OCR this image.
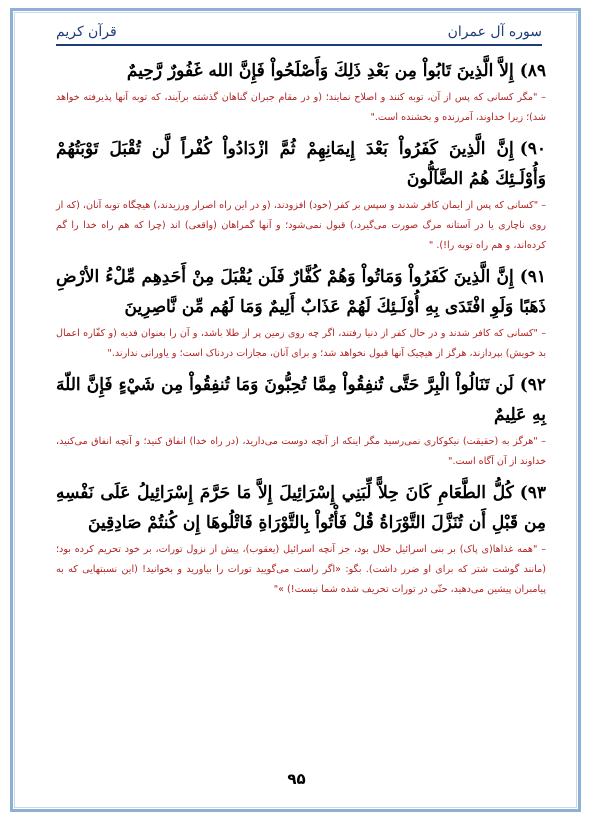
سوره آل عمران
قرآن کریم

۸۹)إِلاَّ الَّذِينَ تَابُواْ مِن بَعْدِ ذَلِكَ وَأَصْلَحُواْ فَإِنَّ الله غَفُورٌ رَّحِيمٌ

– "مگر کسانی که پس از آن، توبه کنند و اصلاح نمایند؛ (و در مقام جبران گناهان گذشته برآیند، که توبه آنها پذیرفته خواهد شد)؛ زیرا خداوند، آمرزنده و بخشنده است."

۹۰)إِنَّ الَّذِينَ كَفَرُواْ بَعْدَ إِيمَانِهِمْ ثُمَّ ازْدَادُواْ كُفْراً لَّن تُقْبَلَ تَوْبَتُهُمْ وَأُوْلَـئِكَ هُمُ الضَّآلُّونَ

– "کسانی که پس از ایمان کافر شدند و سپس بر کفر (خود) افزودند، (و در این راه اصرار ورزیدند،) هیچگاه توبه آنان، (که از روی ناچاری یا در آستانه مرگ صورت می‌گیرد،) قبول نمی‌شود؛ و آنها گمراهان (واقعی) اند (چرا که هم راه خدا را گم کرده‌اند، و هم راه توبه را!). "

۹۱)إِنَّ الَّذِينَ كَفَرُواْ وَمَاتُواْ وَهُمْ كُفَّارٌ فَلَن يُقْبَلَ مِنْ أَحَدِهِم مِّلْءُ الأرْضِ ذَهَبًا وَلَوِ افْتَدَى بِهِ أُوْلَـئِكَ لَهُمْ عَذَابٌ أَلِيمٌ وَمَا لَهُم مِّن نَّاصِرِينَ

– "کسانی که کافر شدند و در حال کفر از دنیا رفتند، اگر چه روی زمین پر از طلا باشد، و آن را بعنوان فدیه (و کفّاره اعمال بد خویش) بپردازند، هرگز از هیچیک آنها قبول نخواهد شد؛ و برای آنان، مجازات دردناک است؛ و یاورانی ندارند."

۹۲)لَن تَنَالُواْ الْبِرَّ حَتَّى تُنفِقُواْ مِمَّا تُحِبُّونَ وَمَا تُنفِقُواْ مِن شَيْءٍ فَإِنَّ اللّهَ بِهِ عَلِيمٌ

– "هرگز به (حقیقت) نیکوکاری نمی‌رسید مگر اینکه از آنچه دوست می‌دارید، (در راه خدا) انفاق کنید؛ و آنچه انفاق می‌کنید، خداوند از آن آگاه است."

۹۳)كُلُّ الطَّعَامِ كَانَ حِلاًّ لِّبَنِي إِسْرَائِيلَ إِلاَّ مَا حَرَّمَ إِسْرَائِيلُ عَلَى نَفْسِهِ مِن قَبْلِ أَن تُنَزَّلَ التَّوْرَاةُ قُلْ فَأْتُواْ بِالتَّوْرَاةِ فَاتْلُوهَا إِن كُنتُمْ صَادِقِينَ

– "همه غذاها(ی پاک) بر بنی اسرائیل حلال بود، جز آنچه اسرائیل (یعقوب)، پیش از نزول تورات، بر خود تحریم کرده بود؛ (مانند گوشت شتر که برای او ضرر داشت). بگو: «اگر راست می‌گویید تورات را بیاورید و بخوانید! (این نسبتهایی که به پیامبران پیشین می‌دهید، حتّی در تورات تحریف شده شما نیست!) »"

۹۵
